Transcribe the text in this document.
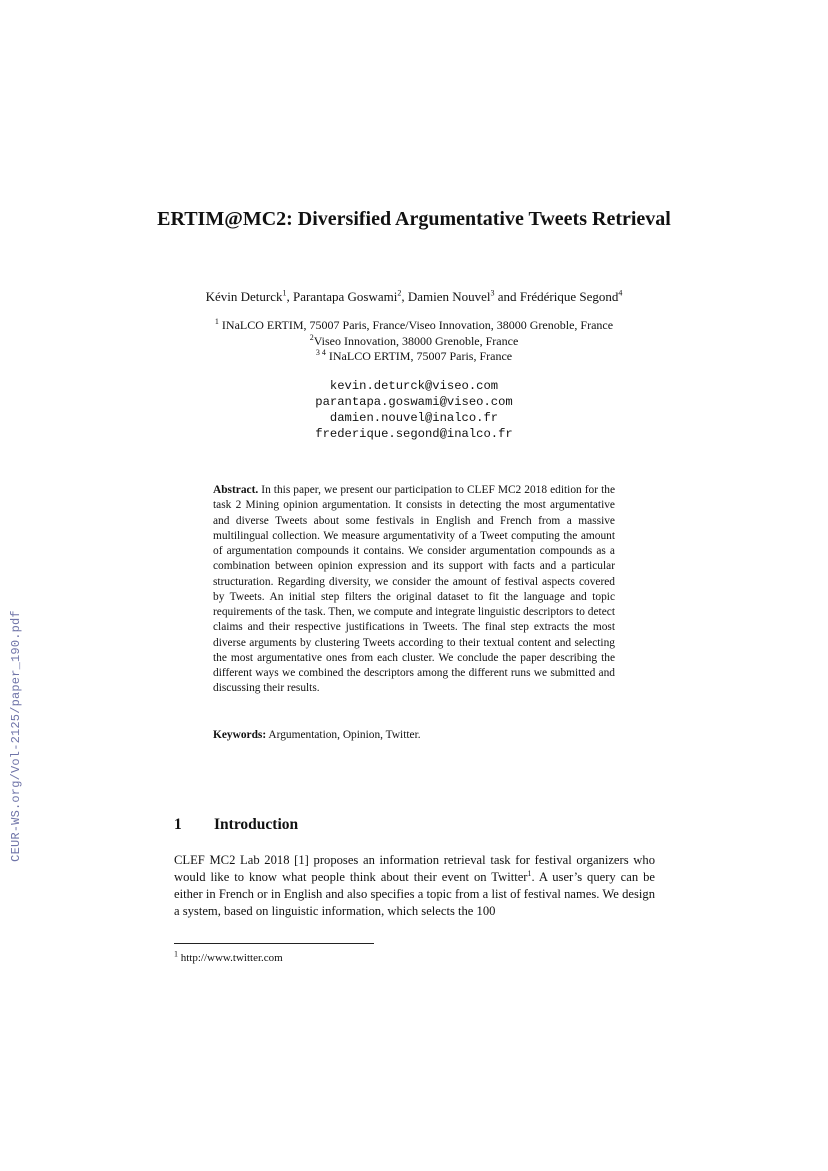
CEUR-WS.org/Vol-2125/paper_190.pdf
ERTIM@MC2: Diversified Argumentative Tweets Retrieval
Kévin Deturck$^1$, Parantapa Goswami$^2$, Damien Nouvel$^3$ and Frédérique Segond$^4$
$^1$ INaLCO ERTIM, 75007 Paris, France/Viseo Innovation, 38000 Grenoble, France
$^2$Viseo Innovation, 38000 Grenoble, France
$^{3 4}$ INaLCO ERTIM, 75007 Paris, France
kevin.deturck@viseo.com
parantapa.goswami@viseo.com
damien.nouvel@inalco.fr
frederique.segond@inalco.fr
Abstract. In this paper, we present our participation to CLEF MC2 2018 edition for the task 2 Mining opinion argumentation. It consists in detecting the most argumentative and diverse Tweets about some festivals in English and French from a massive multilingual collection. We measure argumentativity of a Tweet computing the amount of argumentation compounds it contains. We consider argumentation compounds as a combination between opinion expression and its support with facts and a particular structuration. Regarding diversity, we consider the amount of festival aspects covered by Tweets. An initial step filters the original dataset to fit the language and topic requirements of the task. Then, we compute and integrate linguistic descriptors to detect claims and their respective justifications in Tweets. The final step extracts the most diverse arguments by clustering Tweets according to their textual content and selecting the most argumentative ones from each cluster. We conclude the paper describing the different ways we combined the descriptors among the different runs we submitted and discussing their results.
Keywords: Argumentation, Opinion, Twitter.
1 Introduction
CLEF MC2 Lab 2018 [1] proposes an information retrieval task for festival organizers who would like to know what people think about their event on Twitter$^1$. A user’s query can be either in French or in English and also specifies a topic from a list of festival names. We design a system, based on linguistic information, which selects the 100
$^1$ http://www.twitter.com
